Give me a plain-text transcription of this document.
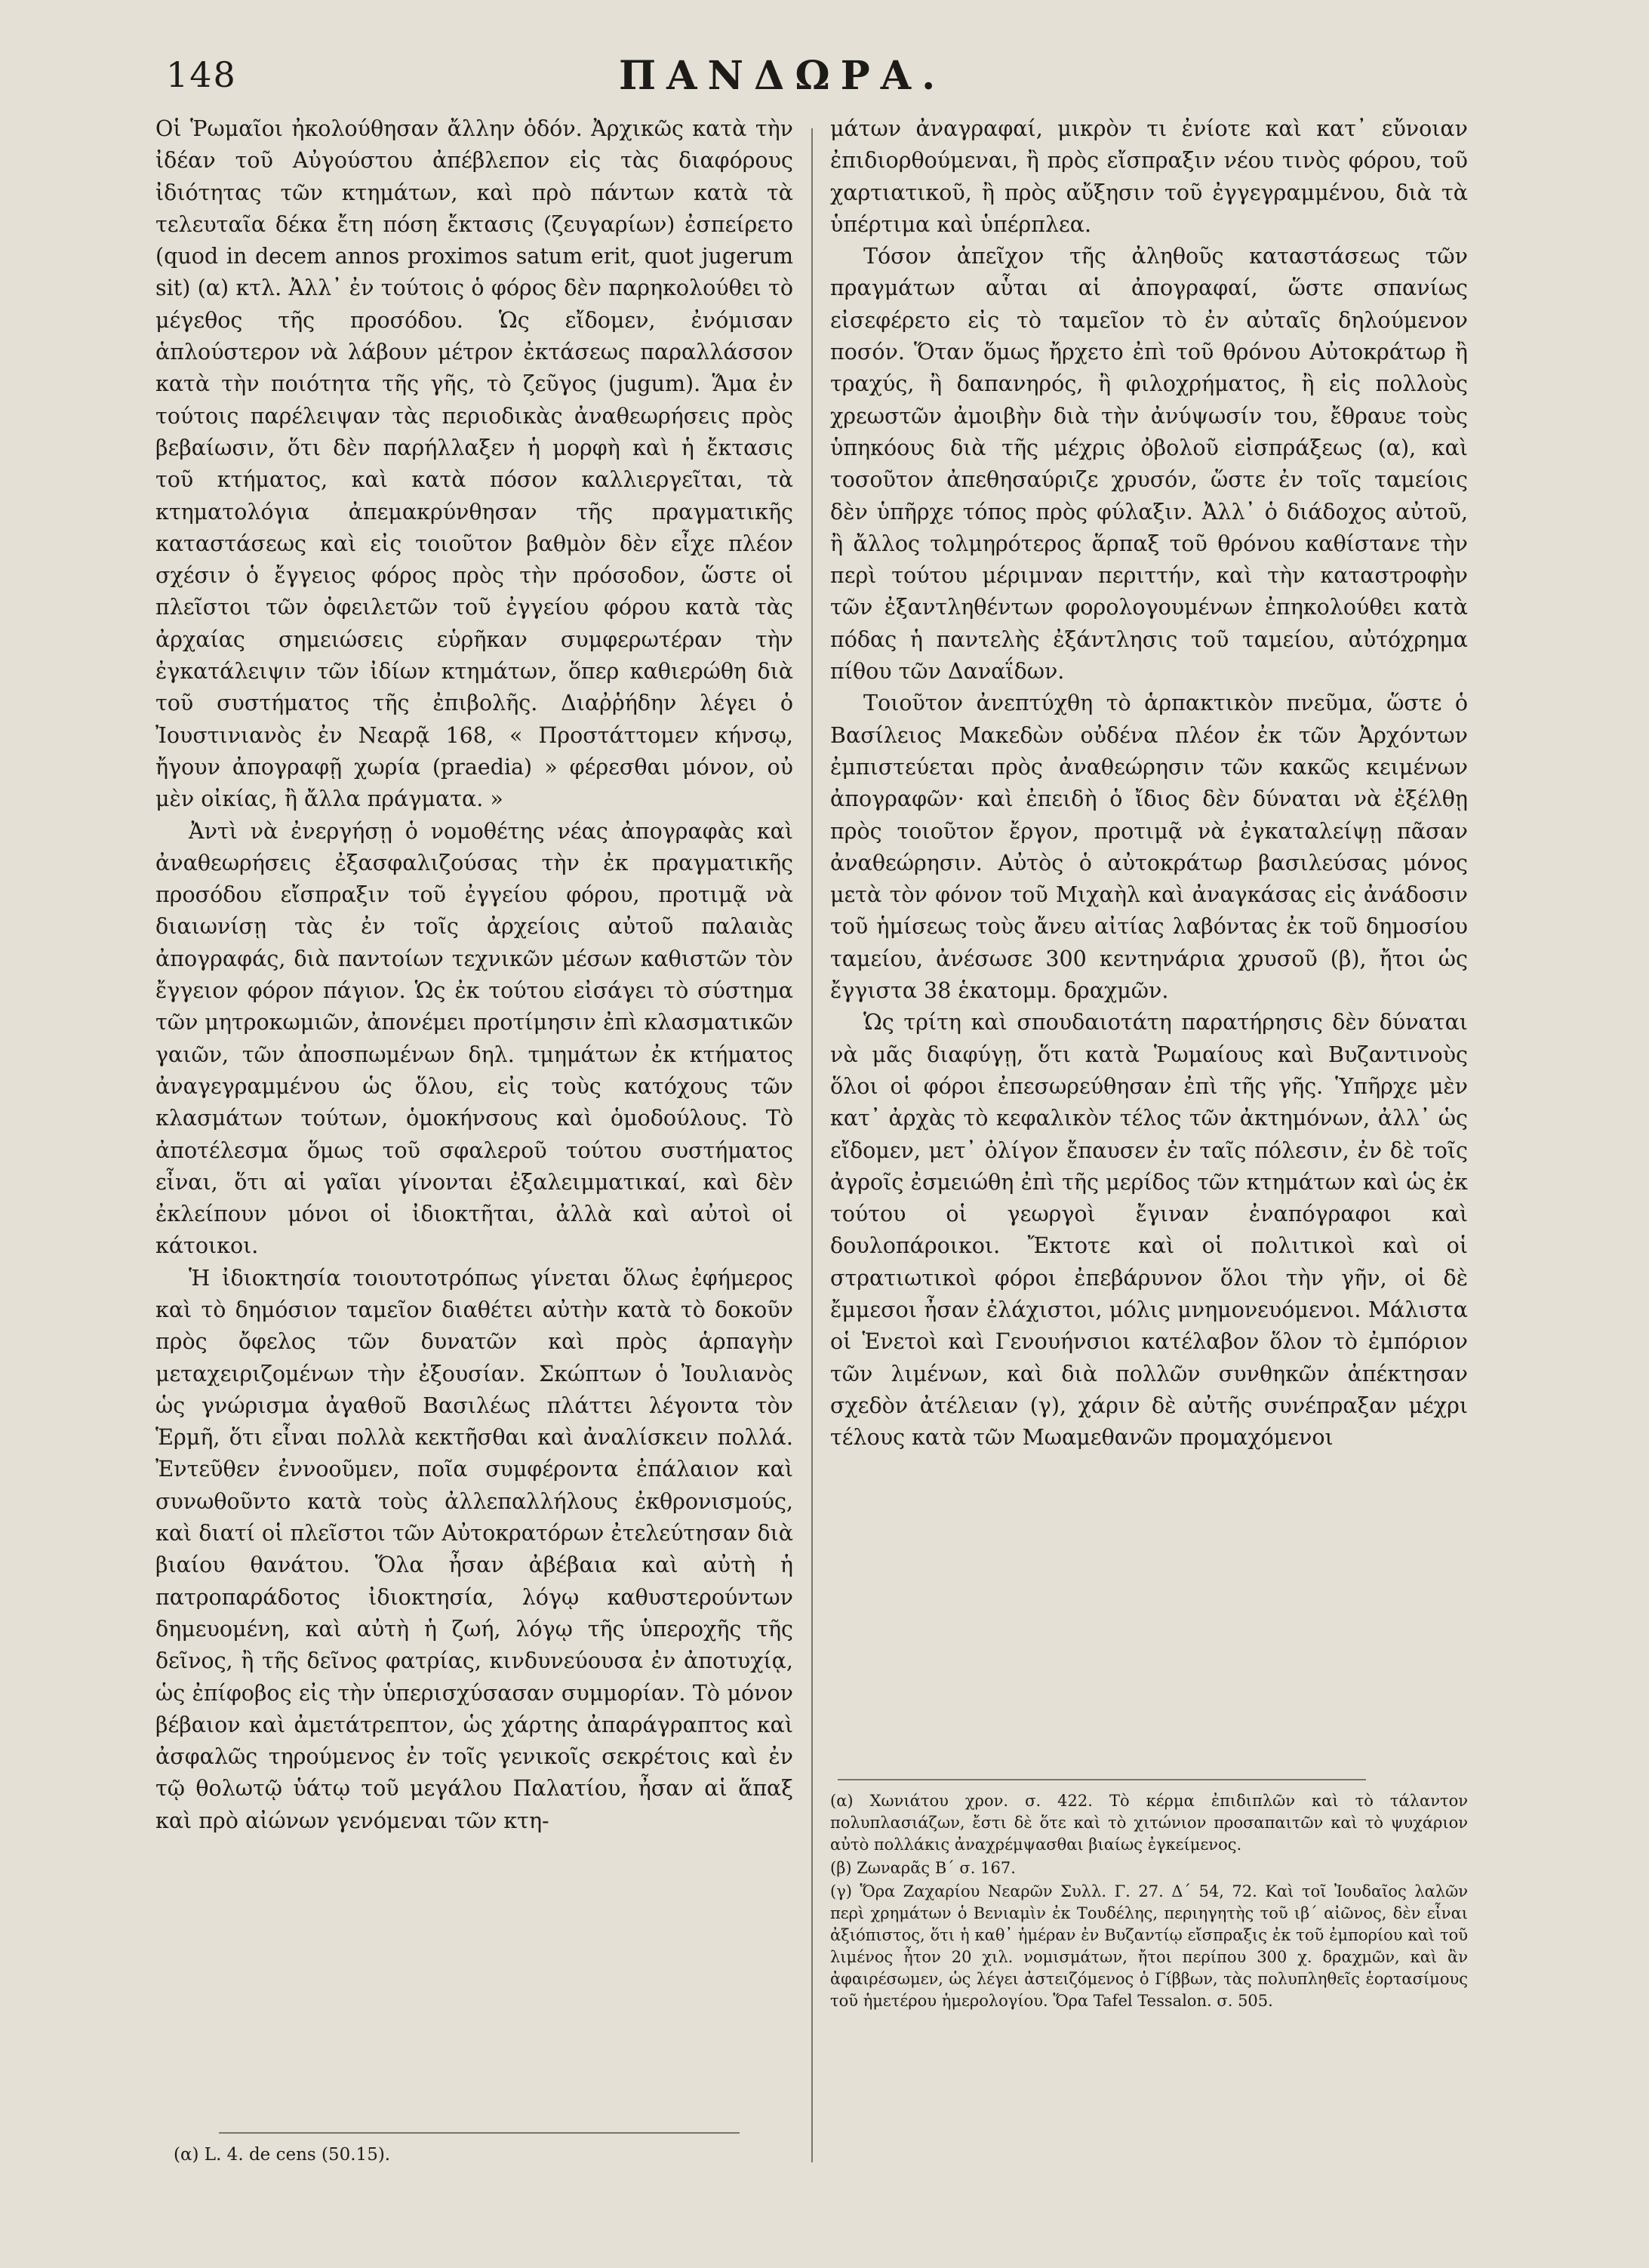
148	ΠΑΝΔΩΡΑ.

Οἱ Ῥωμαῖοι ἠκολούθησαν ἄλλην ὁδόν. Ἀρχικῶς κατὰ τὴν ἰδέαν τοῦ Αὐγούστου ἀπέβλεπον εἰς τὰς διαφόρους ἰδιότητας τῶν κτημάτων, καὶ πρὸ πάντων κατὰ τὰ τελευταῖα δέκα ἔτη πόση ἔκτασις (ζευγαρίων) ἐσπείρετο (quod in decem annos proximos satum erit, quot jugerum sit) (α) κτλ. Ἀλλ᾽ ἐν τούτοις ὁ φόρος δὲν παρηκολούθει τὸ μέγεθος τῆς προσόδου. Ὡς εἴδομεν, ἐνόμισαν ἁπλούστερον νὰ λάβουν μέτρον ἐκτάσεως παραλλάσσον κατὰ τὴν ποιότητα τῆς γῆς, τὸ ζεῦγος (jugum). Ἅμα ἐν τούτοις παρέλειψαν τὰς περιοδικὰς ἀναθεωρήσεις πρὸς βεβαίωσιν, ὅτι δὲν παρήλλαξεν ἡ μορφὴ καὶ ἡ ἔκτασις τοῦ κτήματος, καὶ κατὰ πόσον καλλιεργεῖται, τὰ κτηματολόγια ἀπεμακρύνθησαν τῆς πραγματικῆς καταστάσεως καὶ εἰς τοιοῦτον βαθμὸν δὲν εἶχε πλέον σχέσιν ὁ ἔγγειος φόρος πρὸς τὴν πρόσοδον, ὥστε οἱ πλεῖστοι τῶν ὀφειλετῶν τοῦ ἐγγείου φόρου κατὰ τὰς ἀρχαίας σημειώσεις εὑρῆκαν συμφερωτέραν τὴν ἐγκατάλειψιν τῶν ἰδίων κτημάτων, ὅπερ καθιερώθη διὰ τοῦ συστήματος τῆς ἐπιβολῆς. Διαῤῥήδην λέγει ὁ Ἰουστινιανὸς ἐν Νεαρᾷ 168, « Προστάττομεν κήνσῳ, ἤγουν ἀπογραφῇ χωρία (praedia) » φέρεσθαι μόνον, οὐ μὲν οἰκίας, ἢ ἄλλα πράγματα. »

Ἀντὶ νὰ ἐνεργήσῃ ὁ νομοθέτης νέας ἀπογραφὰς καὶ ἀναθεωρήσεις ἐξασφαλιζούσας τὴν ἐκ πραγματικῆς προσόδου εἴσπραξιν τοῦ ἐγγείου φόρου, προτιμᾷ νὰ διαιωνίσῃ τὰς ἐν τοῖς ἀρχείοις αὐτοῦ παλαιὰς ἀπογραφάς, διὰ παντοίων τεχνικῶν μέσων καθιστῶν τὸν ἔγγειον φόρον πάγιον. Ὡς ἐκ τούτου εἰσάγει τὸ σύστημα τῶν μητροκωμιῶν, ἀπονέμει προτίμησιν ἐπὶ κλασματικῶν γαιῶν, τῶν ἀποσπωμένων δηλ. τμημάτων ἐκ κτήματος ἀναγεγραμμένου ὡς ὅλου, εἰς τοὺς κατόχους τῶν κλασμάτων τούτων, ὁμοκήνσους καὶ ὁμοδούλους. Τὸ ἀποτέλεσμα ὅμως τοῦ σφαλεροῦ τούτου συστήματος εἶναι, ὅτι αἱ γαῖαι γίνονται ἐξαλειμματικαί, καὶ δὲν ἐκλείπουν μόνοι οἱ ἰδιοκτῆται, ἀλλὰ καὶ αὐτοὶ οἱ κάτοικοι.

Ἡ ἰδιοκτησία τοιουτοτρόπως γίνεται ὅλως ἐφήμερος καὶ τὸ δημόσιον ταμεῖον διαθέτει αὐτὴν κατὰ τὸ δοκοῦν πρὸς ὄφελος τῶν δυνατῶν καὶ πρὸς ἁρπαγὴν μεταχειριζομένων τὴν ἐξουσίαν. Σκώπτων ὁ Ἰουλιανὸς ὡς γνώρισμα ἀγαθοῦ Βασιλέως πλάττει λέγοντα τὸν Ἑρμῆ, ὅτι εἶναι πολλὰ κεκτῆσθαι καὶ ἀναλίσκειν πολλά. Ἐντεῦθεν ἐννοοῦμεν, ποῖα συμφέροντα ἐπάλαιον καὶ συνωθοῦντο κατὰ τοὺς ἀλλεπαλλήλους ἐκθρονισμούς, καὶ διατί οἱ πλεῖστοι τῶν Αὐτοκρατόρων ἐτελεύτησαν διὰ βιαίου θανάτου. Ὅλα ἦσαν ἀβέβαια καὶ αὐτὴ ἡ πατροπαράδοτος ἰδιοκτησία, λόγῳ καθυστερούντων δημευομένη, καὶ αὐτὴ ἡ ζωή, λόγῳ τῆς ὑπεροχῆς τῆς δεῖνος, ἢ τῆς δεῖνος φατρίας, κινδυνεύουσα ἐν ἀποτυχίᾳ, ὡς ἐπίφοβος εἰς τὴν ὑπερισχύσασαν συμμορίαν. Τὸ μόνον βέβαιον καὶ ἀμετάτρεπτον, ὡς χάρτης ἀπαράγραπτος καὶ ἀσφαλῶς τηρούμενος ἐν τοῖς γενικοῖς σεκρέτοις καὶ ἐν τῷ θολωτῷ ὑάτῳ τοῦ μεγάλου Παλατίου, ἦσαν αἱ ἅπαξ καὶ πρὸ αἰώνων γενόμεναι τῶν κτη-

μάτων ἀναγραφαί, μικρὸν τι ἐνίοτε καὶ κατ᾽ εὔνοιαν ἐπιδιορθούμεναι, ἢ πρὸς εἴσπραξιν νέου τινὸς φόρου, τοῦ χαρτιατικοῦ, ἢ πρὸς αὔξησιν τοῦ ἐγγεγραμμένου, διὰ τὰ ὑπέρτιμα καὶ ὑπέρπλεα.

Τόσον ἀπεῖχον τῆς ἀληθοῦς καταστάσεως τῶν πραγμάτων αὗται αἱ ἀπογραφαί, ὥστε σπανίως εἰσεφέρετο εἰς τὸ ταμεῖον τὸ ἐν αὐταῖς δηλούμενον ποσόν. Ὅταν ὅμως ἤρχετο ἐπὶ τοῦ θρόνου Αὐτοκράτωρ ἢ τραχύς, ἢ δαπανηρός, ἢ φιλοχρήματος, ἢ εἰς πολλοὺς χρεωστῶν ἀμοιβὴν διὰ τὴν ἀνύψωσίν του, ἔθραυε τοὺς ὑπηκόους διὰ τῆς μέχρις ὀβολοῦ εἰσπράξεως (α), καὶ τοσοῦτον ἀπεθησαύριζε χρυσόν, ὥστε ἐν τοῖς ταμείοις δὲν ὑπῆρχε τόπος πρὸς φύλαξιν. Ἀλλ᾽ ὁ διάδοχος αὐτοῦ, ἢ ἄλλος τολμηρότερος ἅρπαξ τοῦ θρόνου καθίστανε τὴν περὶ τούτου μέριμναν περιττήν, καὶ τὴν καταστροφὴν τῶν ἐξαντληθέντων φορολογουμένων ἐπηκολούθει κατὰ πόδας ἡ παντελὴς ἐξάντλησις τοῦ ταμείου, αὐτόχρημα πίθου τῶν Δαναΐδων.

Τοιοῦτον ἀνεπτύχθη τὸ ἁρπακτικὸν πνεῦμα, ὥστε ὁ Βασίλειος Μακεδὼν οὐδένα πλέον ἐκ τῶν Ἀρχόντων ἐμπιστεύεται πρὸς ἀναθεώρησιν τῶν κακῶς κειμένων ἀπογραφῶν· καὶ ἐπειδὴ ὁ ἴδιος δὲν δύναται νὰ ἐξέλθῃ πρὸς τοιοῦτον ἔργον, προτιμᾷ νὰ ἐγκαταλείψῃ πᾶσαν ἀναθεώρησιν. Αὐτὸς ὁ αὐτοκράτωρ βασιλεύσας μόνος μετὰ τὸν φόνον τοῦ Μιχαὴλ καὶ ἀναγκάσας εἰς ἀνάδοσιν τοῦ ἡμίσεως τοὺς ἄνευ αἰτίας λαβόντας ἐκ τοῦ δημοσίου ταμείου, ἀνέσωσε 300 κεντηνάρια χρυσοῦ (β), ἤτοι ὡς ἔγγιστα 38 ἑκατομμ. δραχμῶν.

Ὡς τρίτη καὶ σπουδαιοτάτη παρατήρησις δὲν δύναται νὰ μᾶς διαφύγῃ, ὅτι κατὰ Ῥωμαίους καὶ Βυζαντινοὺς ὅλοι οἱ φόροι ἐπεσωρεύθησαν ἐπὶ τῆς γῆς. Ὑπῆρχε μὲν κατ᾽ ἀρχὰς τὸ κεφαλικὸν τέλος τῶν ἀκτημόνων, ἀλλ᾽ ὡς εἴδομεν, μετ᾽ ὀλίγον ἔπαυσεν ἐν ταῖς πόλεσιν, ἐν δὲ τοῖς ἀγροῖς ἐσμειώθη ἐπὶ τῆς μερίδος τῶν κτημάτων καὶ ὡς ἐκ τούτου οἱ γεωργοὶ ἔγιναν ἐναπόγραφοι καὶ δουλοπάροικοι. Ἔκτοτε καὶ οἱ πολιτικοὶ καὶ οἱ στρατιωτικοὶ φόροι ἐπεβάρυνον ὅλοι τὴν γῆν, οἱ δὲ ἔμμεσοι ἦσαν ἐλάχιστοι, μόλις μνημονευόμενοι. Μάλιστα οἱ Ἑνετοὶ καὶ Γενουήνσιοι κατέλαβον ὅλον τὸ ἐμπόριον τῶν λιμένων, καὶ διὰ πολλῶν συνθηκῶν ἀπέκτησαν σχεδὸν ἀτέλειαν (γ), χάριν δὲ αὐτῆς συνέπραξαν μέχρι τέλους κατὰ τῶν Μωαμεθανῶν προμαχόμενοι

(α) Χωνιάτου χρον. σ. 422. Τὸ κέρμα ἐπιδιπλῶν καὶ τὸ τάλαντον πολυπλασιάζων, ἔστι δὲ ὅτε καὶ τὸ χιτώνιον προσαπαιτῶν καὶ τὸ ψυχάριον αὐτὸ πολλάκις ἀναχρέμψασθαι βιαίως ἐγκείμενος.

(β) Ζωναρᾶς Β΄ σ. 167.

(γ) Ὅρα Ζαχαρίου Νεαρῶν Συλλ. Γ. 27. Δ΄ 54, 72. Καὶ τοῖ Ἰουδαῖος λαλῶν περὶ χρημάτων ὁ Βενιαμὶν ἐκ Τουδέλης, περιηγητὴς τοῦ ιβ΄ αἰῶνος, δὲν εἶναι ἀξιόπιστος, ὅτι ἡ καθ᾽ ἡμέραν ἐν Βυζαντίῳ εἴσπραξις ἐκ τοῦ ἐμπορίου καὶ τοῦ λιμένος ἦτον 20 χιλ. νομισμάτων, ἤτοι περίπου 300 χ. δραχμῶν, καὶ ἂν ἀφαιρέσωμεν, ὡς λέγει ἀστειζόμενος ὁ Γίββων, τὰς πολυπληθεῖς ἑορτασίμους τοῦ ἡμετέρου ἡμερολογίου. Ὅρα Tafel Tessalon. σ. 505.

(α) L. 4. de cens (50.15).
